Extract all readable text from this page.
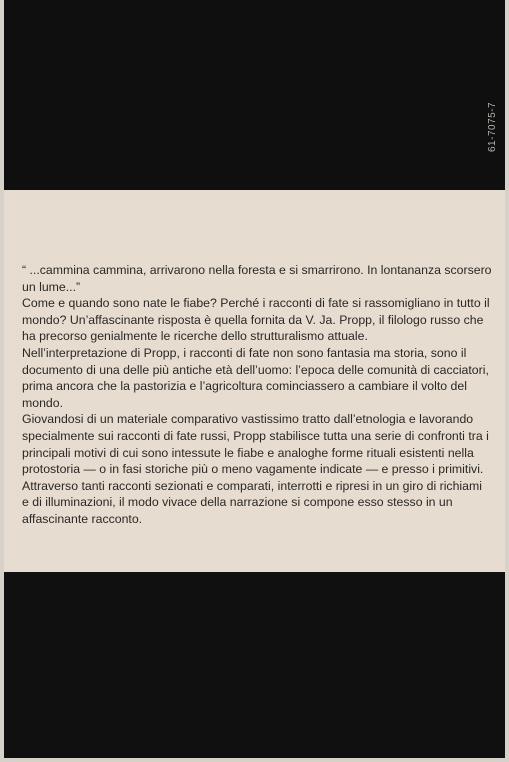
61-7075-7

“ ...cammina cammina, arrivarono nella foresta e si smarrirono. In lontananza scorsero un lume...”

Come e quando sono nate le fiabe? Perché i racconti di fate si rassomigliano in tutto il mondo? Un’affascinante risposta è quella fornita da V. Ja. Propp, il filologo russo che ha precorso genialmente le ricerche dello strutturalismo attuale.

Nell’interpretazione di Propp, i racconti di fate non sono fantasia ma storia, sono il documento di una delle più antiche età dell’uomo: l’epoca delle comunità di cacciatori, prima ancora che la pastorizia e l’agricoltura cominciassero a cambiare il volto del mondo.

Giovandosi di un materiale comparativo vastissimo tratto dall’etnologia e lavorando specialmente sui racconti di fate russi, Propp stabilisce tutta una serie di confronti tra i principali motivi di cui sono intessute le fiabe e analoghe forme rituali esistenti nella protostoria — o in fasi storiche più o meno vagamente indicate — e presso i primitivi.

Attraverso tanti racconti sezionati e comparati, interrotti e ripresi in un giro di richiami e di illuminazioni, il modo vivace della narrazione si compone esso stesso in un affascinante racconto.
